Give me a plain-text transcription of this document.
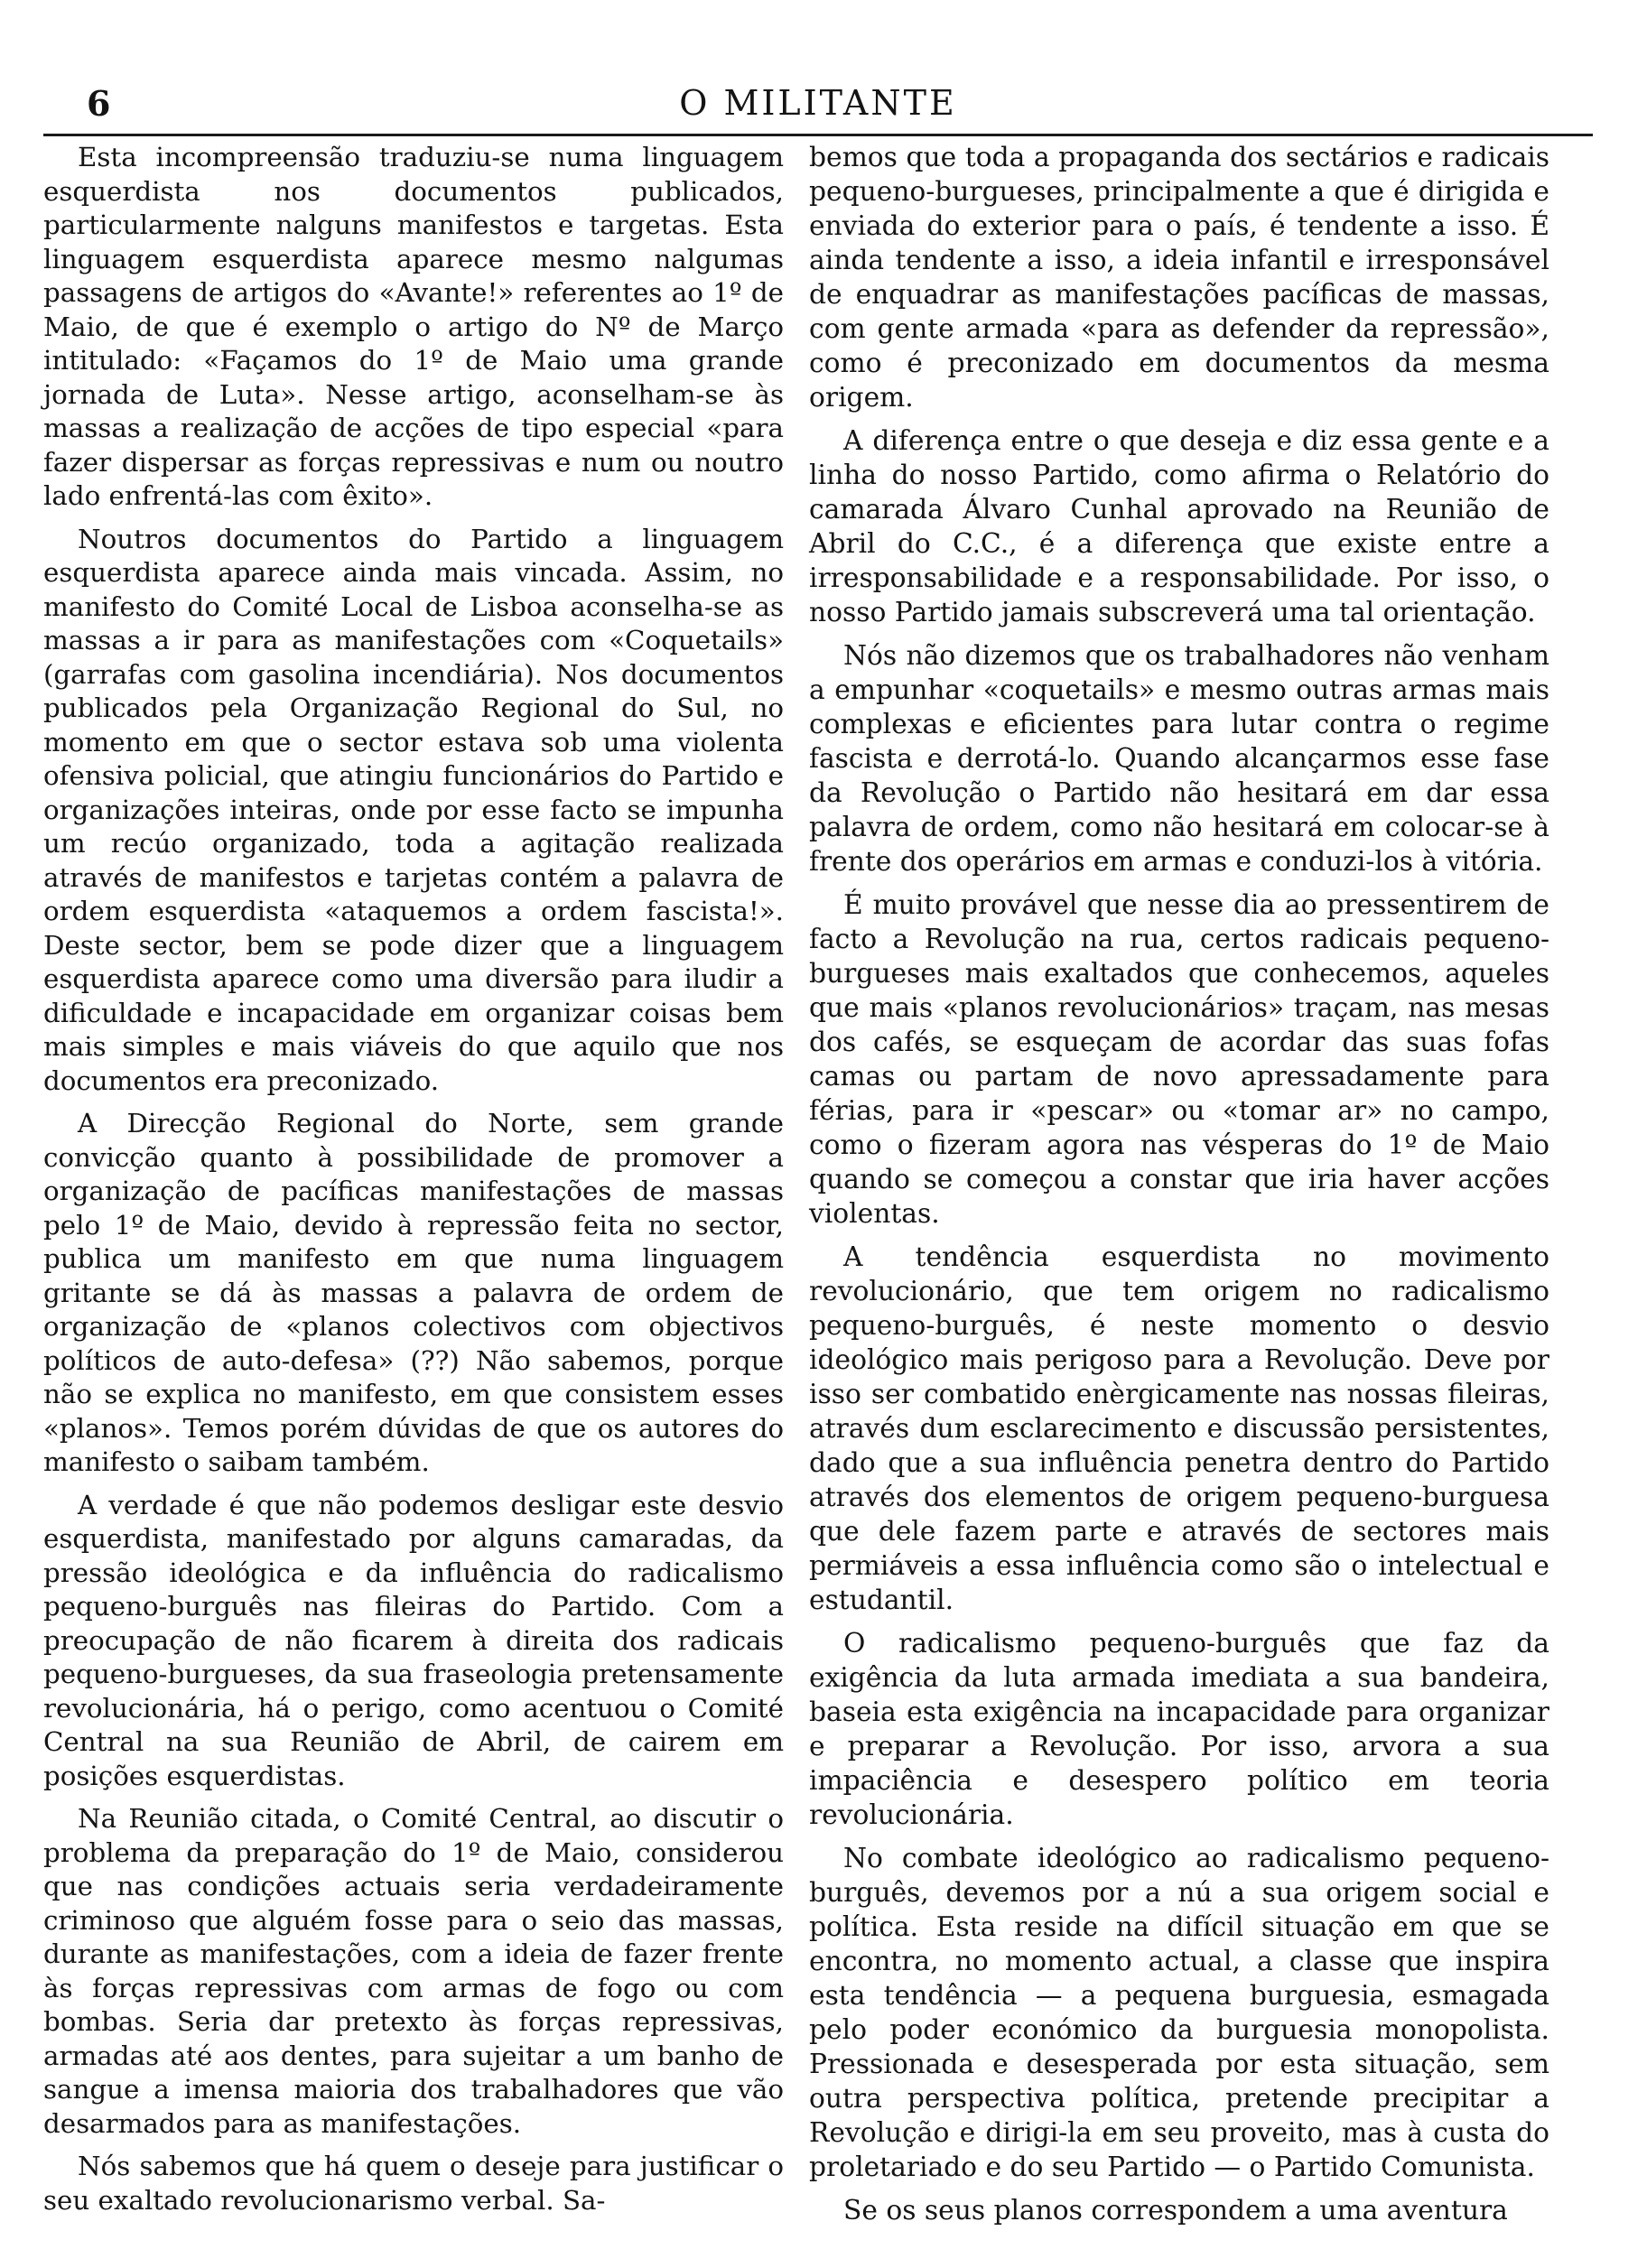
6	O MILITANTE

Esta incompreensão traduziu-se numa linguagem esquerdista nos documentos publicados, particularmente nalguns manifestos e targetas. Esta linguagem esquerdista aparece mesmo nalgumas passagens de artigos do «Avante!» referentes ao 1º de Maio, de que é exemplo o artigo do Nº de Março intitulado: «Façamos do 1º de Maio uma grande jornada de Luta». Nesse artigo, aconselham-se às massas a realização de acções de tipo especial «para fazer dispersar as forças repressivas e num ou noutro lado enfrentá-las com êxito».

Noutros documentos do Partido a linguagem esquerdista aparece ainda mais vincada. Assim, no manifesto do Comité Local de Lisboa aconselha-se as massas a ir para as manifestações com «Coquetails» (garrafas com gasolina incendiária). Nos documentos publicados pela Organização Regional do Sul, no momento em que o sector estava sob uma violenta ofensiva policial, que atingiu funcionários do Partido e organizações inteiras, onde por esse facto se impunha um recúo organizado, toda a agitação realizada através de manifestos e tarjetas contém a palavra de ordem esquerdista «ataquemos a ordem fascista!». Deste sector, bem se pode dizer que a linguagem esquerdista aparece como uma diversão para iludir a dificuldade e incapacidade em organizar coisas bem mais simples e mais viáveis do que aquilo que nos documentos era preconizado.

A Direcção Regional do Norte, sem grande convicção quanto à possibilidade de promover a organização de pacíficas manifestações de massas pelo 1º de Maio, devido à repressão feita no sector, publica um manifesto em que numa linguagem gritante se dá às massas a palavra de ordem de organização de «planos colectivos com objectivos políticos de auto-defesa» (??) Não sabemos, porque não se explica no manifesto, em que consistem esses «planos». Temos porém dúvidas de que os autores do manifesto o saibam também.

A verdade é que não podemos desligar este desvio esquerdista, manifestado por alguns camaradas, da pressão ideológica e da influência do radicalismo pequeno-burguês nas fileiras do Partido. Com a preocupação de não ficarem à direita dos radicais pequeno-burgueses, da sua fraseologia pretensamente revolucionária, há o perigo, como acentuou o Comité Central na sua Reunião de Abril, de cairem em posições esquerdistas.

Na Reunião citada, o Comité Central, ao discutir o problema da preparação do 1º de Maio, considerou que nas condições actuais seria verdadeiramente criminoso que alguém fosse para o seio das massas, durante as manifestações, com a ideia de fazer frente às forças repressivas com armas de fogo ou com bombas. Seria dar pretexto às forças repressivas, armadas até aos dentes, para sujeitar a um banho de sangue a imensa maioria dos trabalhadores que vão desarmados para as manifestações.

Nós sabemos que há quem o deseje para justificar o seu exaltado revolucionarismo verbal. Sa-

bemos que toda a propaganda dos sectários e radicais pequeno-burgueses, principalmente a que é dirigida e enviada do exterior para o país, é tendente a isso. É ainda tendente a isso, a ideia infantil e irresponsável de enquadrar as manifestações pacíficas de massas, com gente armada «para as defender da repressão», como é preconizado em documentos da mesma origem.

A diferença entre o que deseja e diz essa gente e a linha do nosso Partido, como afirma o Relatório do camarada Álvaro Cunhal aprovado na Reunião de Abril do C.C., é a diferença que existe entre a irresponsabilidade e a responsabilidade. Por isso, o nosso Partido jamais subscreverá uma tal orientação.

Nós não dizemos que os trabalhadores não venham a empunhar «coquetails» e mesmo outras armas mais complexas e eficientes para lutar contra o regime fascista e derrotá-lo. Quando alcançarmos esse fase da Revolução o Partido não hesitará em dar essa palavra de ordem, como não hesitará em colocar-se à frente dos operários em armas e conduzi-los à vitória.

É muito provável que nesse dia ao pressentirem de facto a Revolução na rua, certos radicais pequeno-burgueses mais exaltados que conhecemos, aqueles que mais «planos revolucionários» traçam, nas mesas dos cafés, se esqueçam de acordar das suas fofas camas ou partam de novo apressadamente para férias, para ir «pescar» ou «tomar ar» no campo, como o fizeram agora nas vésperas do 1º de Maio quando se começou a constar que iria haver acções violentas.

A tendência esquerdista no movimento revolucionário, que tem origem no radicalismo pequeno-burguês, é neste momento o desvio ideológico mais perigoso para a Revolução. Deve por isso ser combatido enèrgicamente nas nossas fileiras, através dum esclarecimento e discussão persistentes, dado que a sua influência penetra dentro do Partido através dos elementos de origem pequeno-burguesa que dele fazem parte e através de sectores mais permiáveis a essa influência como são o intelectual e estudantil.

O radicalismo pequeno-burguês que faz da exigência da luta armada imediata a sua bandeira, baseia esta exigência na incapacidade para organizar e preparar a Revolução. Por isso, arvora a sua impaciência e desespero político em teoria revolucionária.

No combate ideológico ao radicalismo pequeno-burguês, devemos por a nú a sua origem social e política. Esta reside na difícil situação em que se encontra, no momento actual, a classe que inspira esta tendência — a pequena burguesia, esmagada pelo poder económico da burguesia monopolista. Pressionada e desesperada por esta situação, sem outra perspectiva política, pretende precipitar a Revolução e dirigi-la em seu proveito, mas à custa do proletariado e do seu Partido — o Partido Comunista.

Se os seus planos correspondem a uma aventura
